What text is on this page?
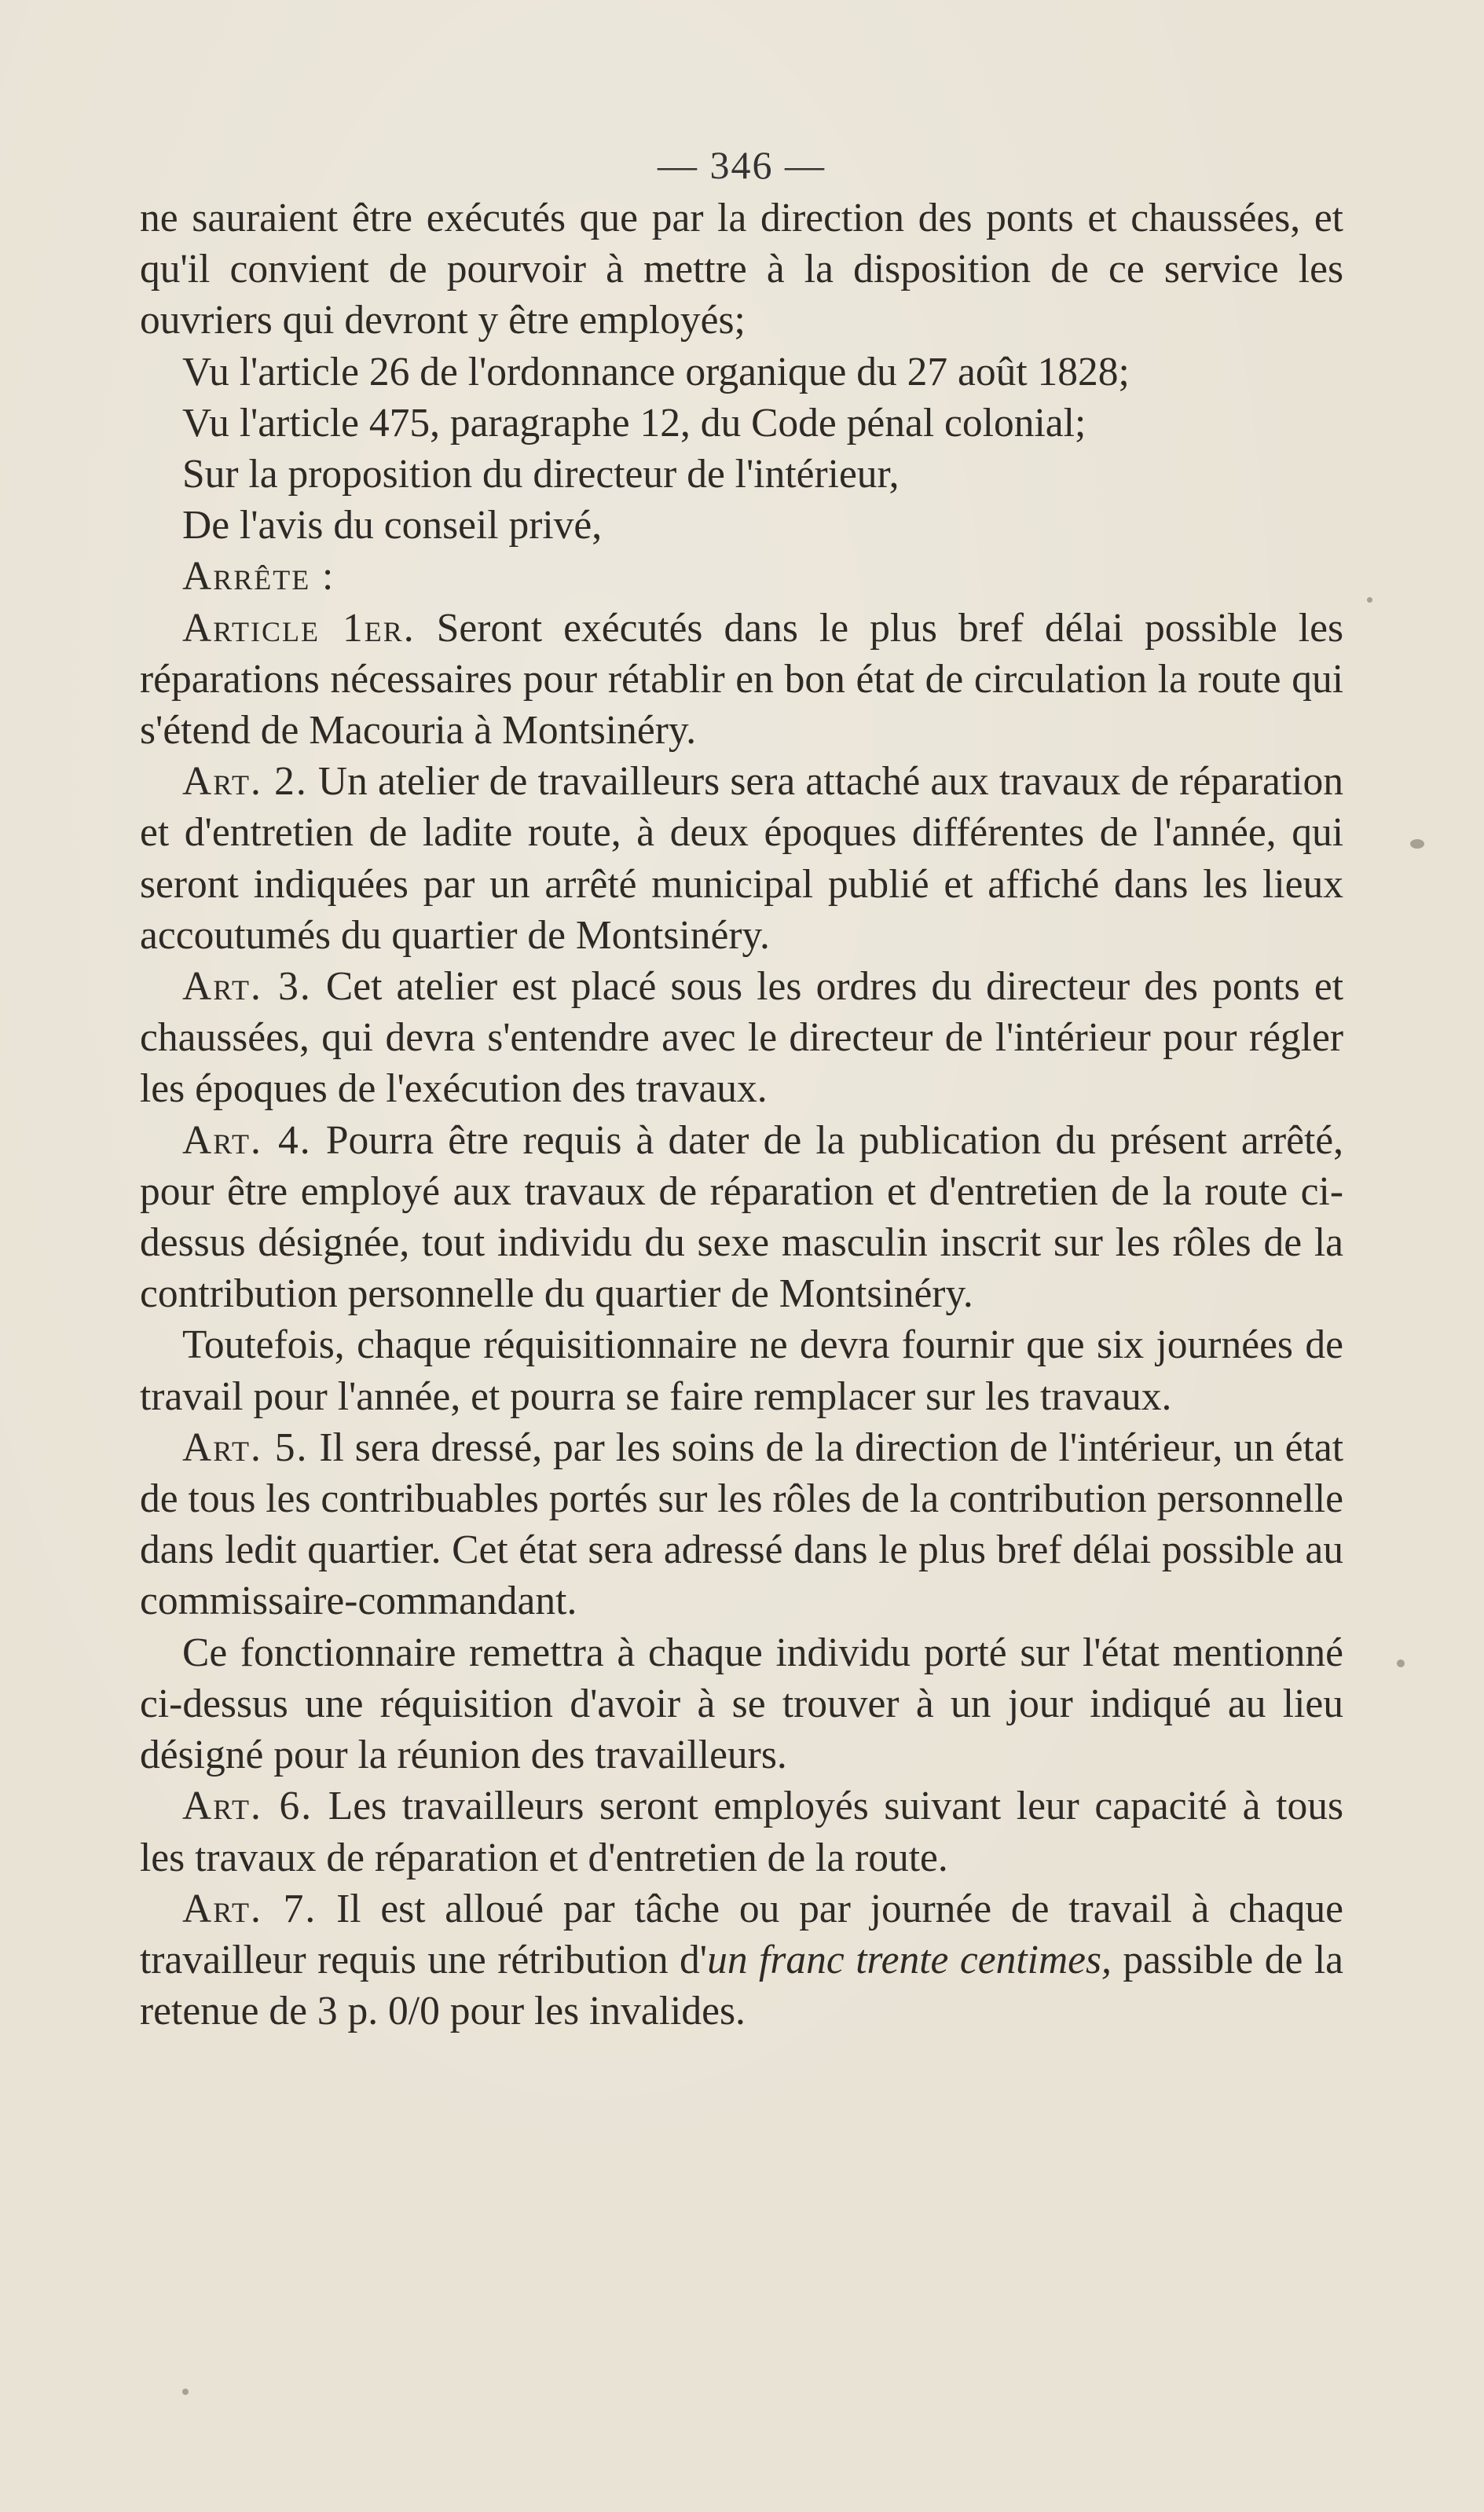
— 346 —

ne sauraient être exécutés que par la direction des ponts et chaussées, et qu'il convient de pourvoir à mettre à la disposition de ce service les ouvriers qui devront y être employés;

Vu l'article 26 de l'ordonnance organique du 27 août 1828;

Vu l'article 475, paragraphe 12, du Code pénal colonial;

Sur la proposition du directeur de l'intérieur,

De l'avis du conseil privé,

Arrête :

Article 1er. Seront exécutés dans le plus bref délai possible les réparations nécessaires pour rétablir en bon état de circulation la route qui s'étend de Macouria à Montsinéry.

Art. 2. Un atelier de travailleurs sera attaché aux travaux de réparation et d'entretien de ladite route, à deux époques différentes de l'année, qui seront indiquées par un arrêté municipal publié et affiché dans les lieux accoutumés du quartier de Montsinéry.

Art. 3. Cet atelier est placé sous les ordres du directeur des ponts et chaussées, qui devra s'entendre avec le directeur de l'intérieur pour régler les époques de l'exécution des travaux.

Art. 4. Pourra être requis à dater de la publication du présent arrêté, pour être employé aux travaux de réparation et d'entretien de la route ci-dessus désignée, tout individu du sexe masculin inscrit sur les rôles de la contribution personnelle du quartier de Montsinéry.

Toutefois, chaque réquisitionnaire ne devra fournir que six journées de travail pour l'année, et pourra se faire remplacer sur les travaux.

Art. 5. Il sera dressé, par les soins de la direction de l'intérieur, un état de tous les contribuables portés sur les rôles de la contribution personnelle dans ledit quartier. Cet état sera adressé dans le plus bref délai possible au commissaire-commandant.

Ce fonctionnaire remettra à chaque individu porté sur l'état mentionné ci-dessus une réquisition d'avoir à se trouver à un jour indiqué au lieu désigné pour la réunion des travailleurs.

Art. 6. Les travailleurs seront employés suivant leur capacité à tous les travaux de réparation et d'entretien de la route.

Art. 7. Il est alloué par tâche ou par journée de travail à chaque travailleur requis une rétribution d'un franc trente centimes, passible de la retenue de 3 p. 0/0 pour les invalides.
